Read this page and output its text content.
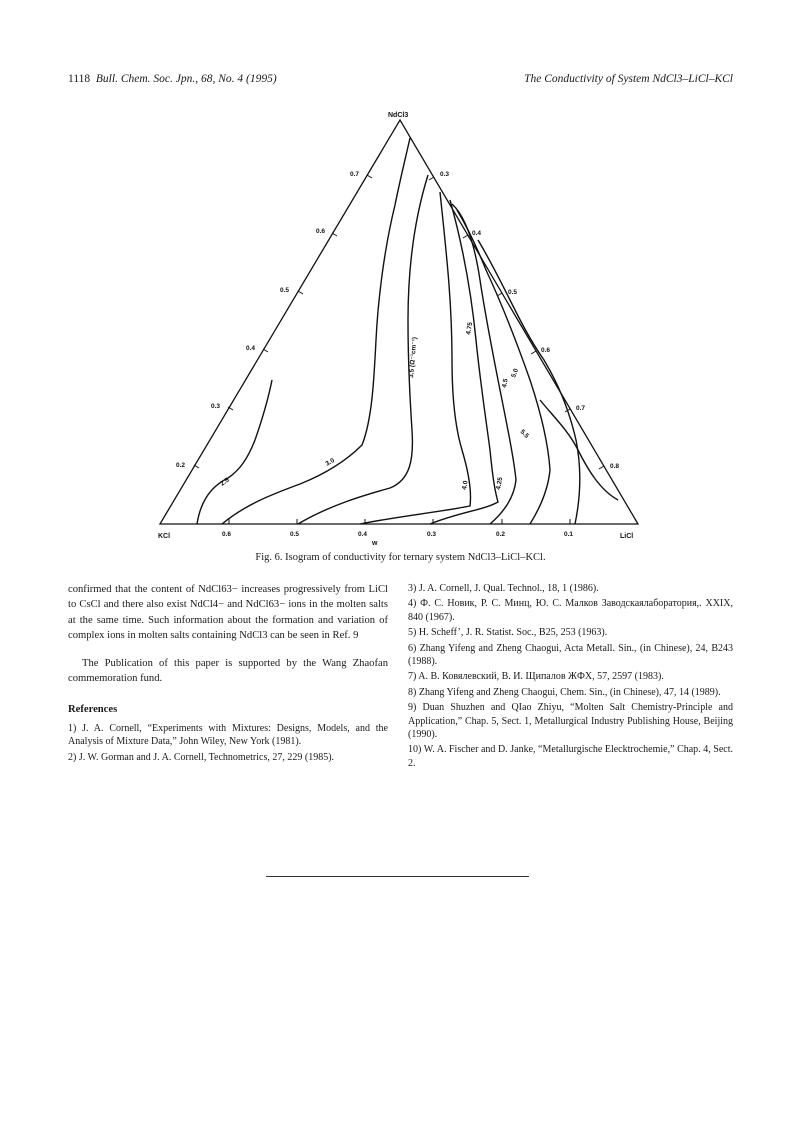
1118 Bull. Chem. Soc. Jpn., 68, No. 4 (1995)	The Conductivity of System NdCl3–LiCl–KCl
NdCl3
KCl	LiCl
w
0.7
0.6
0.5
0.4
0.3
0.2
0.3
0.4
0.5
0.6
0.7
0.8
0.6	0.5	0.4	0.3	0.2	0.1
2.5
3.0
3.5 (Ω⁻¹cm⁻¹)
4.0	4.25
4.5
4.75
5.0
5.5
Fig. 6. Isogram of conductivity for ternary system NdCl3–LiCl–KCl.

confirmed that the content of NdCl63− increases progressively from LiCl to CsCl and there also exist NdCl4− and NdCl63− ions in the molten salts at the same time. Such information about the formation and variation of complex ions in molten salts containing NdCl3 can be seen in Ref. 9

The Publication of this paper is supported by the Wang Zhaofan commemoration fund.

References

1) J. A. Cornell, “Experiments with Mixtures: Designs, Models, and the Analysis of Mixture Data,” John Wiley, New York (1981).

2) J. W. Gorman and J. A. Cornell, Technometrics, 27, 229 (1985).

3) J. A. Cornell, J. Qual. Technol., 18, 1 (1986).

4) Ф. C. Новик, Р. C. Минц, Ю. C. Малков Заводскаялаборатория,. XXIX, 840 (1967).

5) H. Scheff’, J. R. Statist. Soc., B25, 253 (1963).

6) Zhang Yifeng and Zheng Chaogui, Acta Metall. Sin., (in Chinese), 24, B243 (1988).

7) A. B. Ковялевский, B. И. Щипалов ЖФХ, 57, 2597 (1983).

8) Zhang Yifeng and Zheng Chaogui, Chem. Sin., (in Chinese), 47, 14 (1989).

9) Duan Shuzhen and QIao Zhiyu, “Molten Salt Chemistry-Principle and Application,” Chap. 5, Sect. 1, Metallurgical Industry Publishing House, Beijing (1990).

10) W. A. Fischer and D. Janke, “Metallurgische Elecktrochemie,” Chap. 4, Sect. 2.
